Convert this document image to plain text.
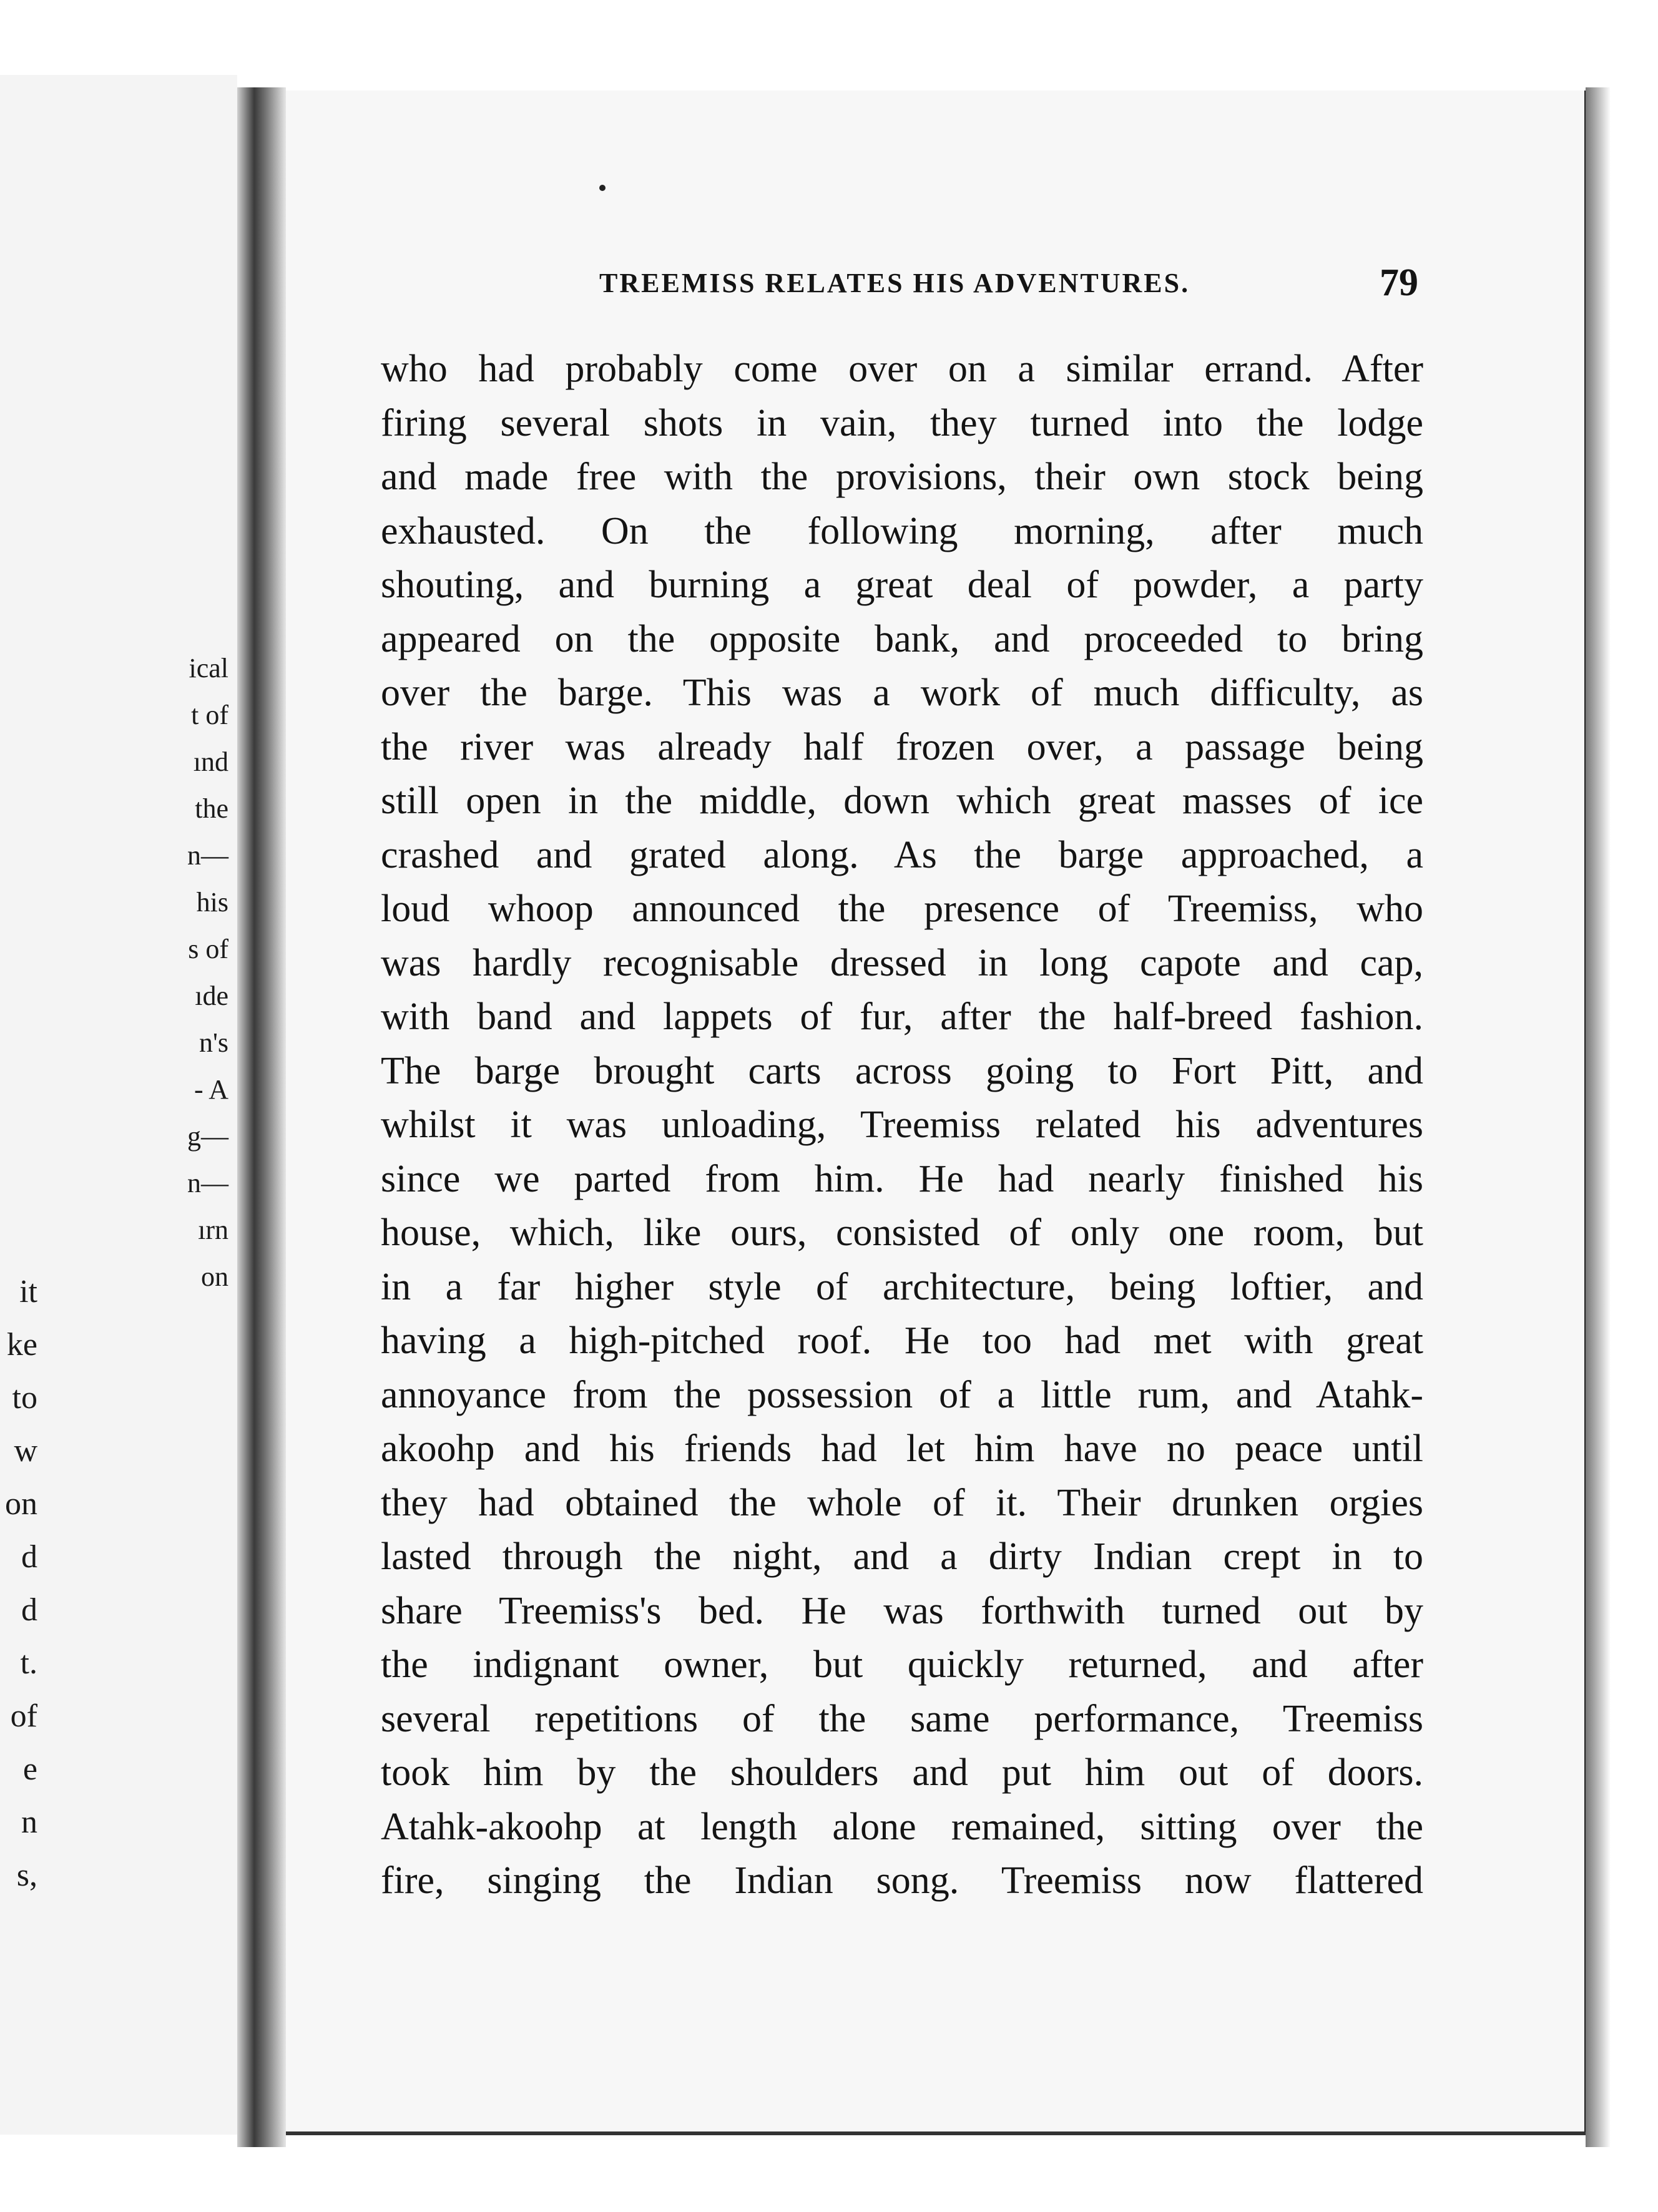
ical
t of
ınd
the
n—
his
s of
ıde
n's
- A
g—
n—
ırn
on
it
ke
to
w
on
d
d
t.
of
e
n
s,
TREEMISS RELATES HIS ADVENTURES.	79
who had probably come over on a similar errand. After
firing several shots in vain, they turned into the lodge
and made free with the provisions, their own stock being
exhausted. On the following morning, after much
shouting, and burning a great deal of powder, a party
appeared on the opposite bank, and proceeded to bring
over the barge. This was a work of much difficulty, as
the river was already half frozen over, a passage being
still open in the middle, down which great masses of ice
crashed and grated along. As the barge approached, a
loud whoop announced the presence of Treemiss, who
was hardly recognisable dressed in long capote and cap,
with band and lappets of fur, after the half-breed fashion.
The barge brought carts across going to Fort Pitt, and
whilst it was unloading, Treemiss related his adventures
since we parted from him. He had nearly finished his
house, which, like ours, consisted of only one room, but
in a far higher style of architecture, being loftier, and
having a high-pitched roof. He too had met with great
annoyance from the possession of a little rum, and Atahk-
akoohp and his friends had let him have no peace until
they had obtained the whole of it. Their drunken orgies
lasted through the night, and a dirty Indian crept in to
share Treemiss's bed. He was forthwith turned out by
the indignant owner, but quickly returned, and after
several repetitions of the same performance, Treemiss
took him by the shoulders and put him out of doors.
Atahk-akoohp at length alone remained, sitting over the
fire, singing the Indian song. Treemiss now flattered
